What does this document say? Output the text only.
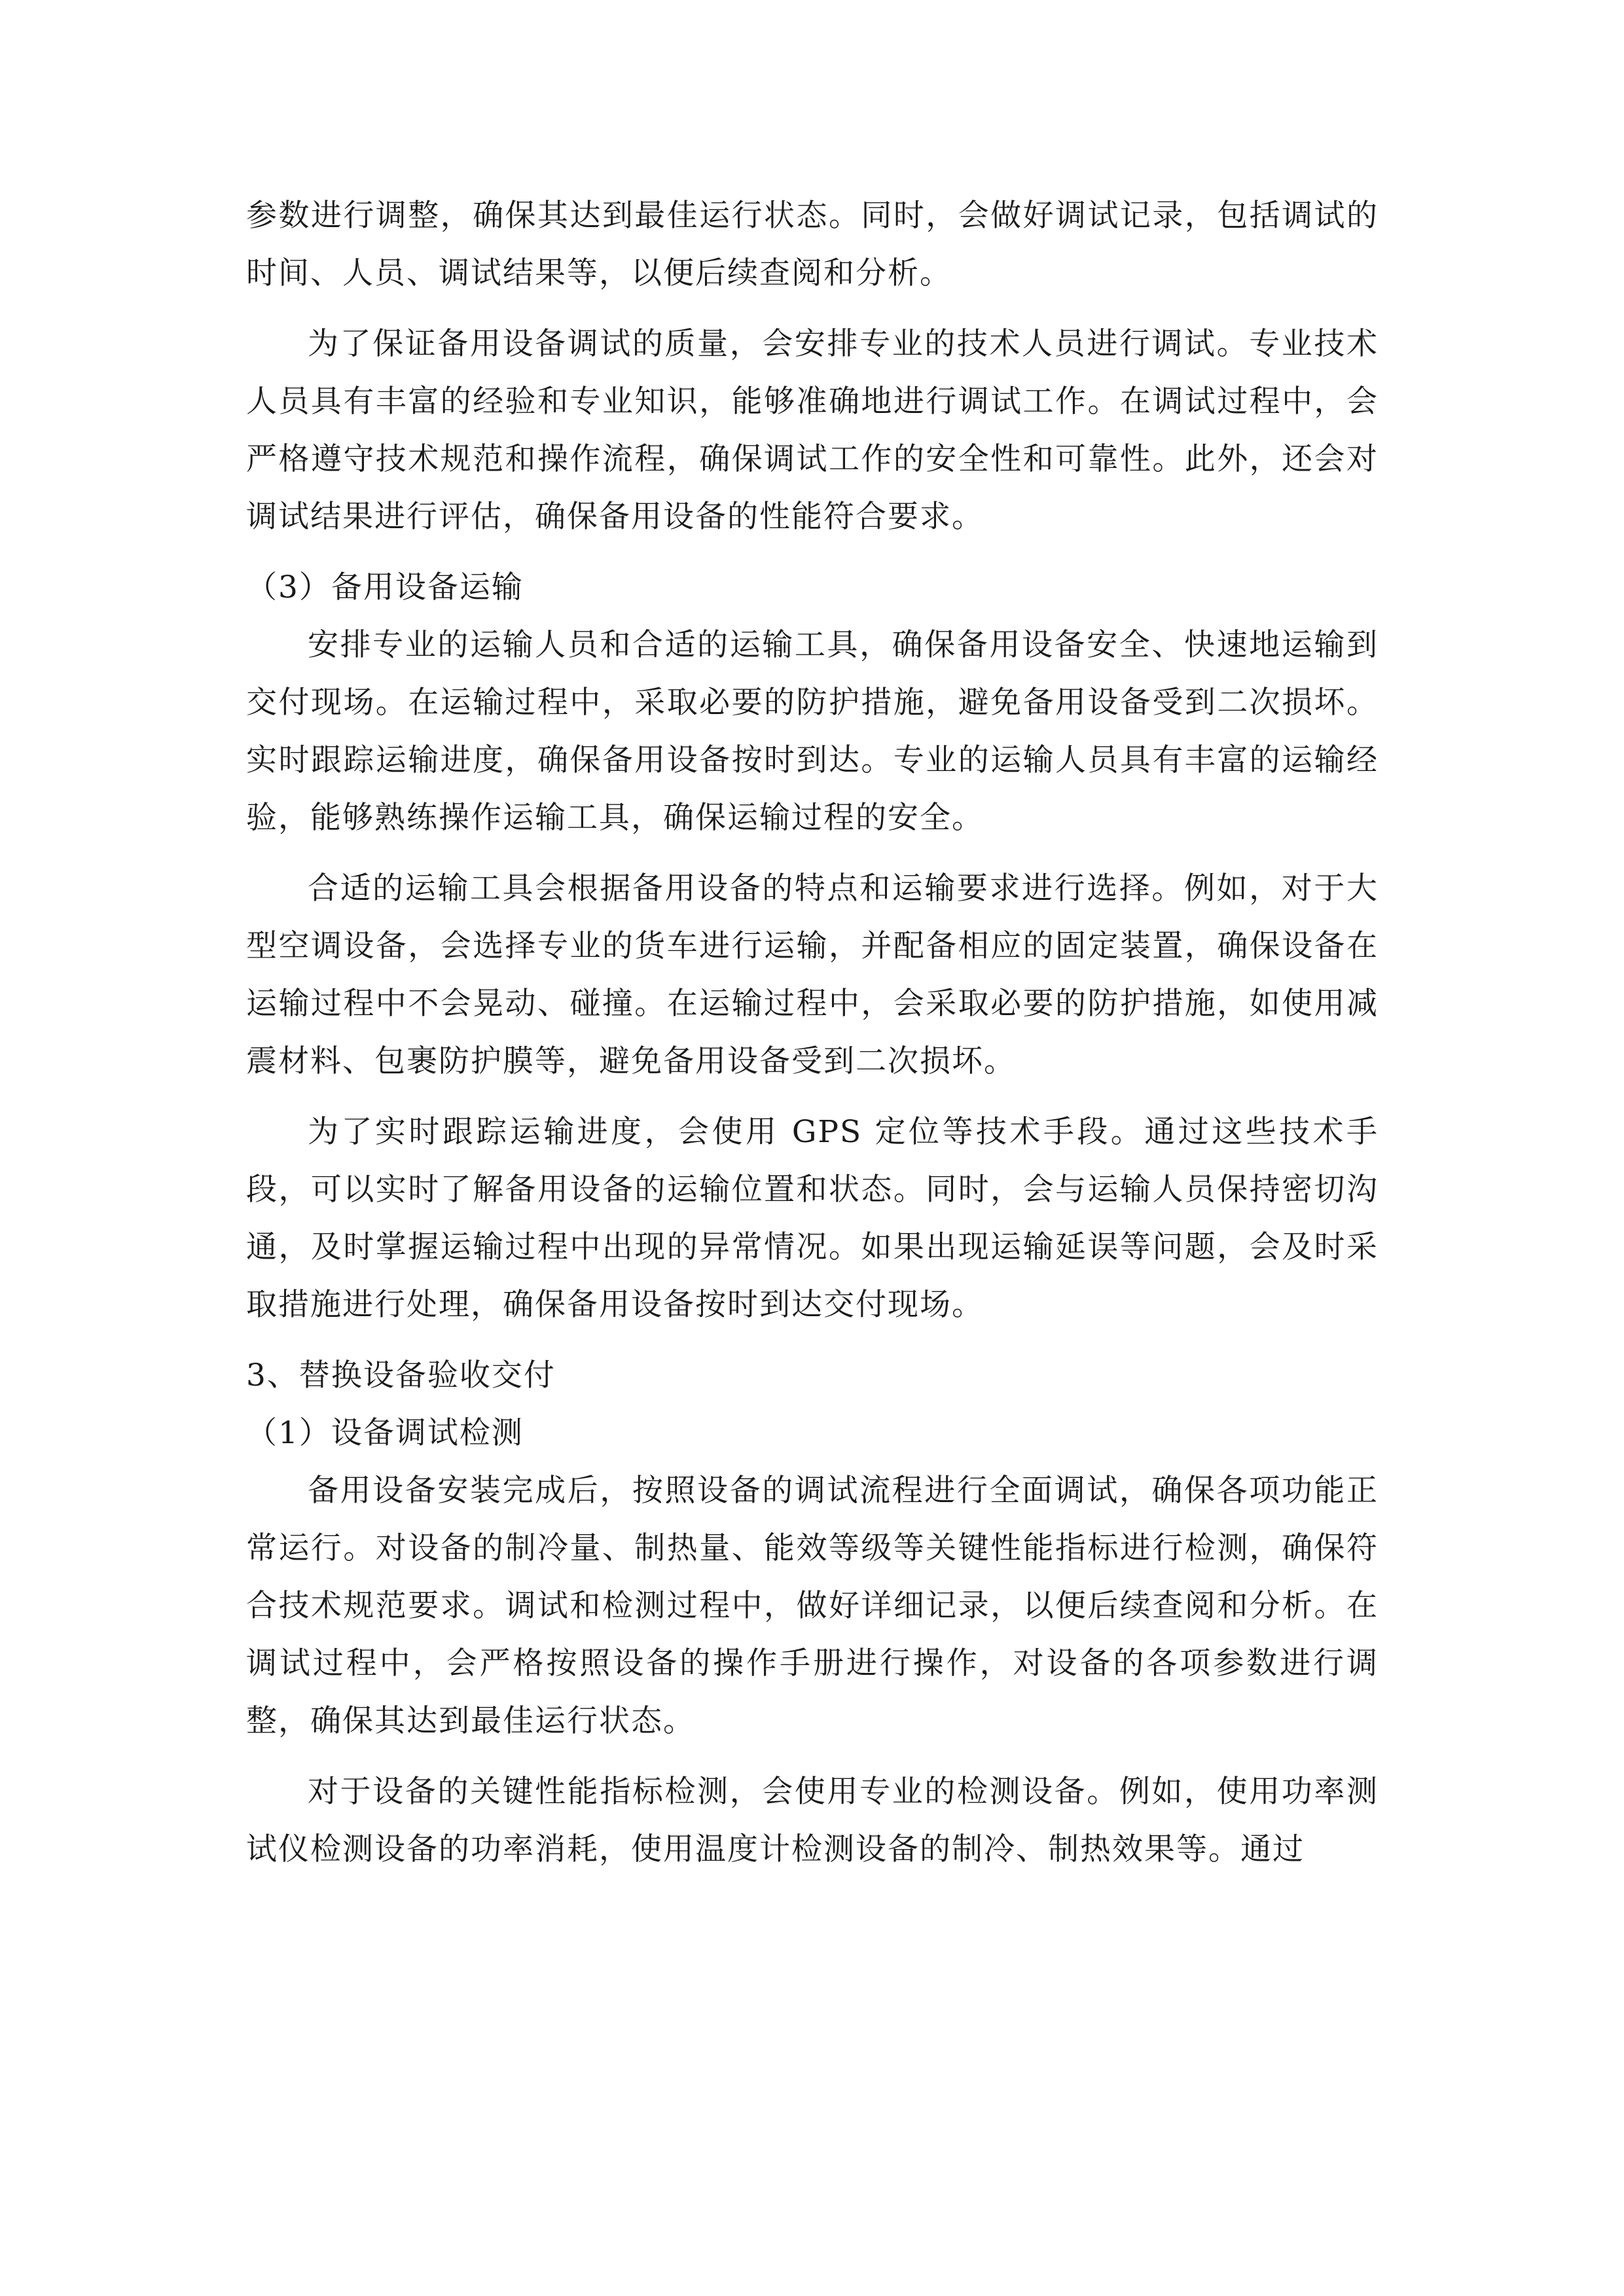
参数进行调整，确保其达到最佳运行状态。同时，会做好调试记录，包括调试的时间、人员、调试结果等，以便后续查阅和分析。

为了保证备用设备调试的质量，会安排专业的技术人员进行调试。专业技术人员具有丰富的经验和专业知识，能够准确地进行调试工作。在调试过程中，会严格遵守技术规范和操作流程，确保调试工作的安全性和可靠性。此外，还会对调试结果进行评估，确保备用设备的性能符合要求。

（3）备用设备运输

安排专业的运输人员和合适的运输工具，确保备用设备安全、快速地运输到交付现场。在运输过程中，采取必要的防护措施，避免备用设备受到二次损坏。实时跟踪运输进度，确保备用设备按时到达。专业的运输人员具有丰富的运输经验，能够熟练操作运输工具，确保运输过程的安全。

合适的运输工具会根据备用设备的特点和运输要求进行选择。例如，对于大型空调设备，会选择专业的货车进行运输，并配备相应的固定装置，确保设备在运输过程中不会晃动、碰撞。在运输过程中，会采取必要的防护措施，如使用减震材料、包裹防护膜等，避免备用设备受到二次损坏。

为了实时跟踪运输进度，会使用 GPS 定位等技术手段。通过这些技术手段，可以实时了解备用设备的运输位置和状态。同时，会与运输人员保持密切沟通，及时掌握运输过程中出现的异常情况。如果出现运输延误等问题，会及时采取措施进行处理，确保备用设备按时到达交付现场。

3、替换设备验收交付

（1）设备调试检测

备用设备安装完成后，按照设备的调试流程进行全面调试，确保各项功能正常运行。对设备的制冷量、制热量、能效等级等关键性能指标进行检测，确保符合技术规范要求。调试和检测过程中，做好详细记录，以便后续查阅和分析。在调试过程中，会严格按照设备的操作手册进行操作，对设备的各项参数进行调整，确保其达到最佳运行状态。

对于设备的关键性能指标检测，会使用专业的检测设备。例如，使用功率测试仪检测设备的功率消耗，使用温度计检测设备的制冷、制热效果等。通过
